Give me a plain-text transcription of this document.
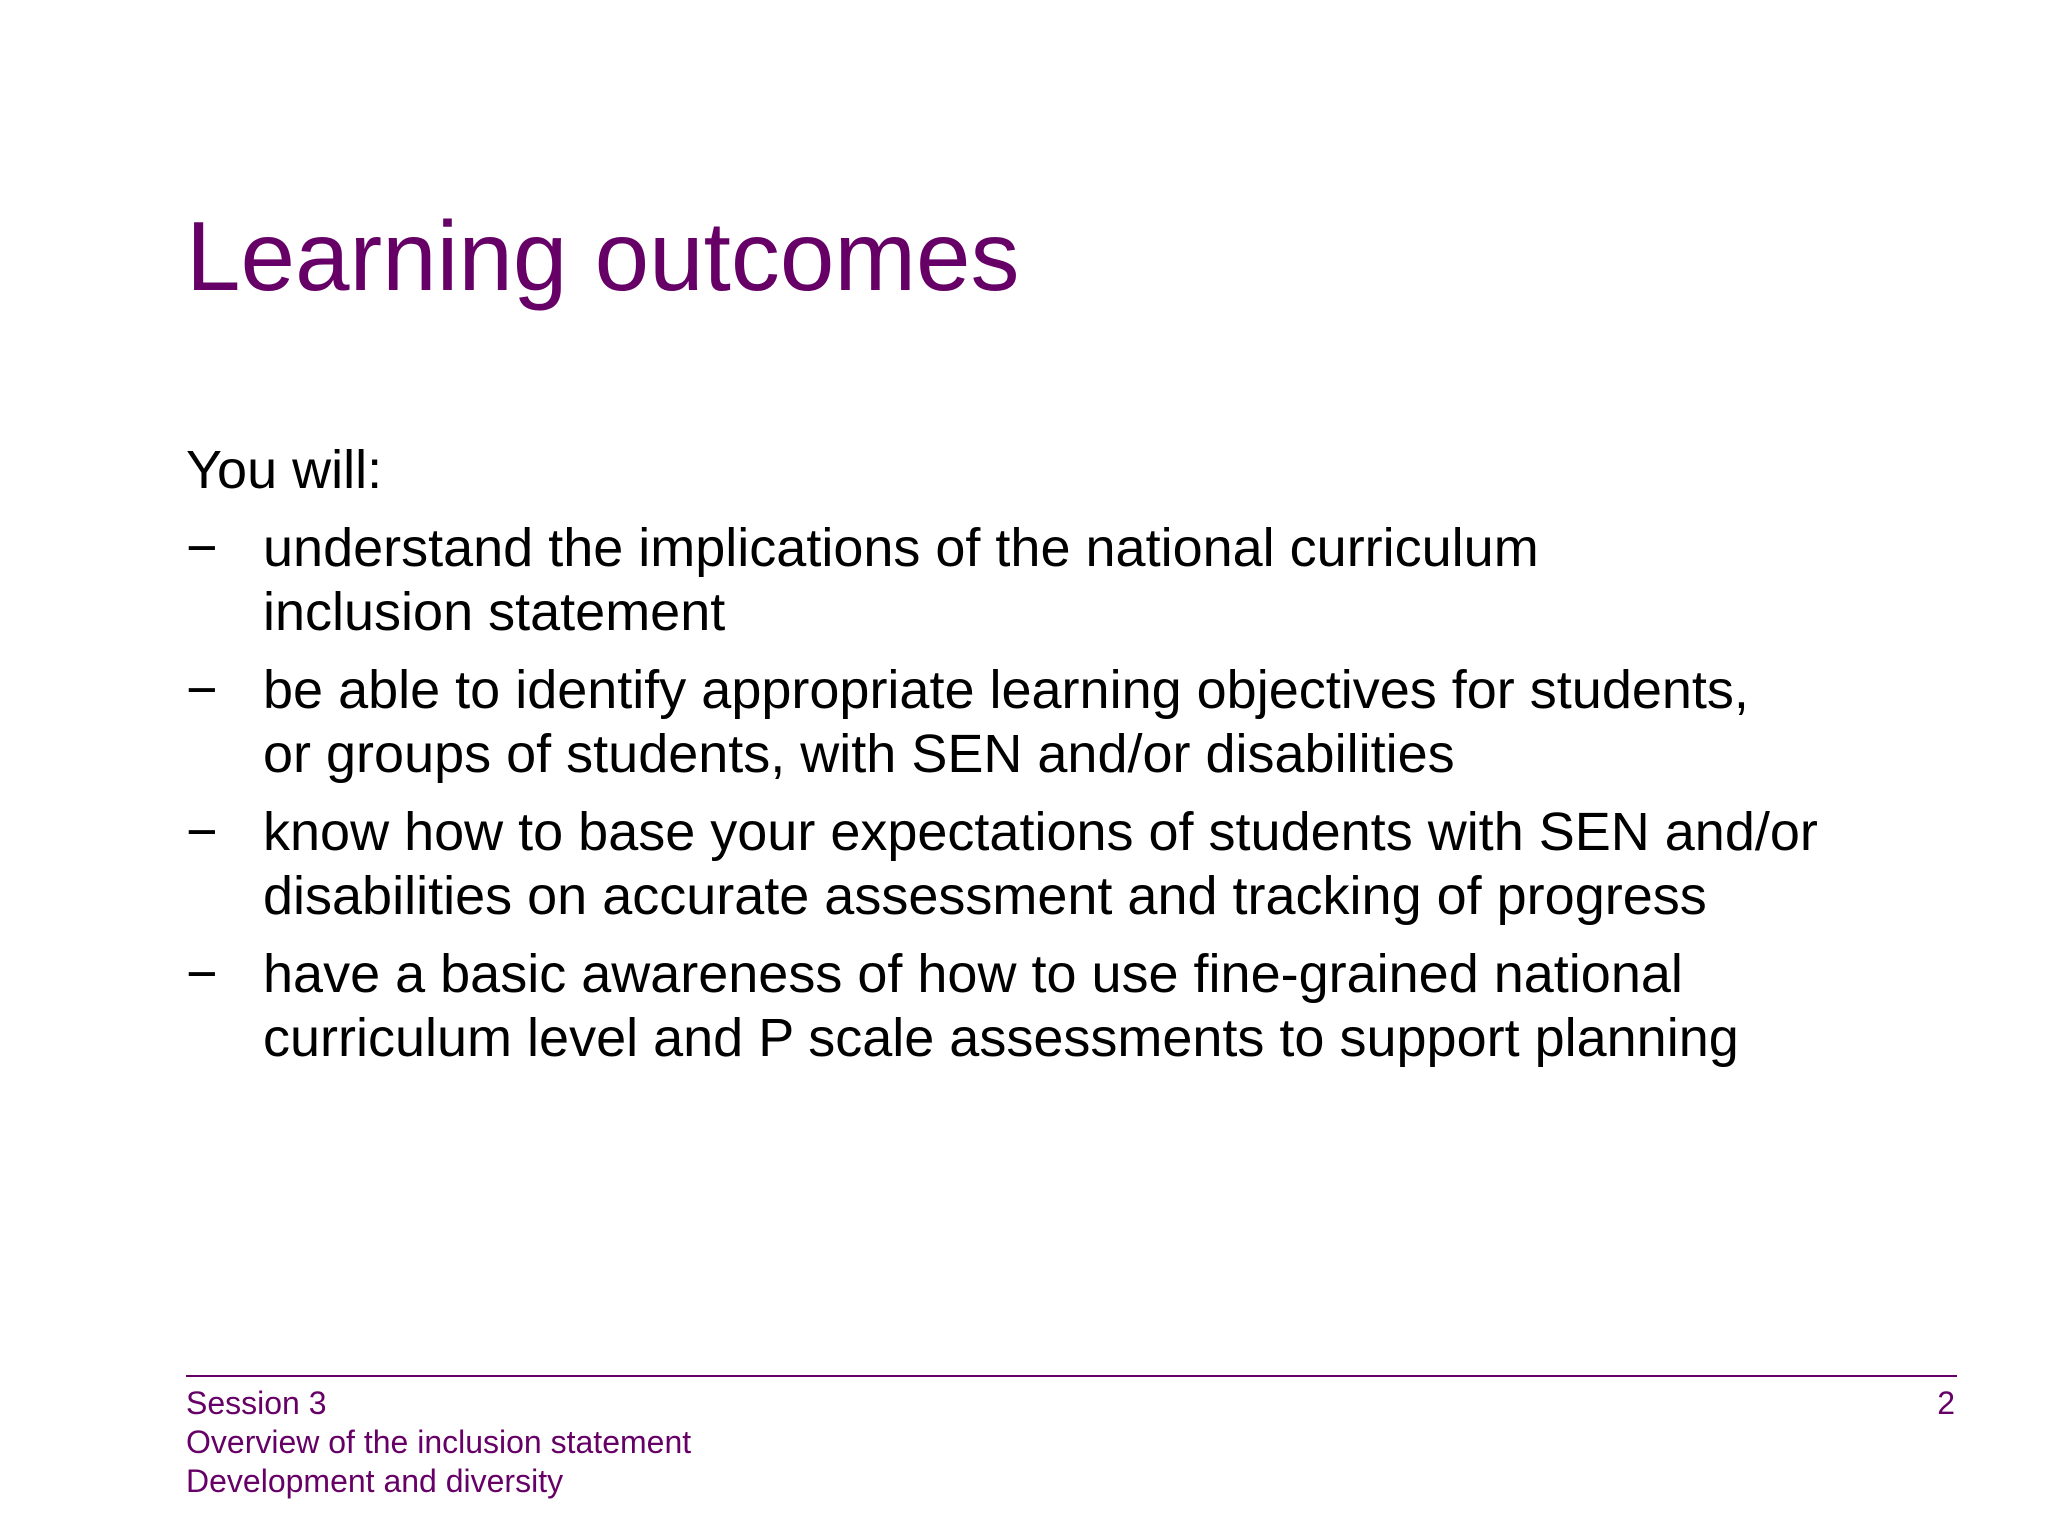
Learning outcomes

You will:

− understand the implications of the national curriculum
inclusion statement
− be able to identify appropriate learning objectives for students,
or groups of students, with SEN and/or disabilities
− know how to base your expectations of students with SEN and/or
disabilities on accurate assessment and tracking of progress
− have a basic awareness of how to use fine-grained national
curriculum level and P scale assessments to support planning
Session 3
Overview of the inclusion statement
Development and diversity
2
